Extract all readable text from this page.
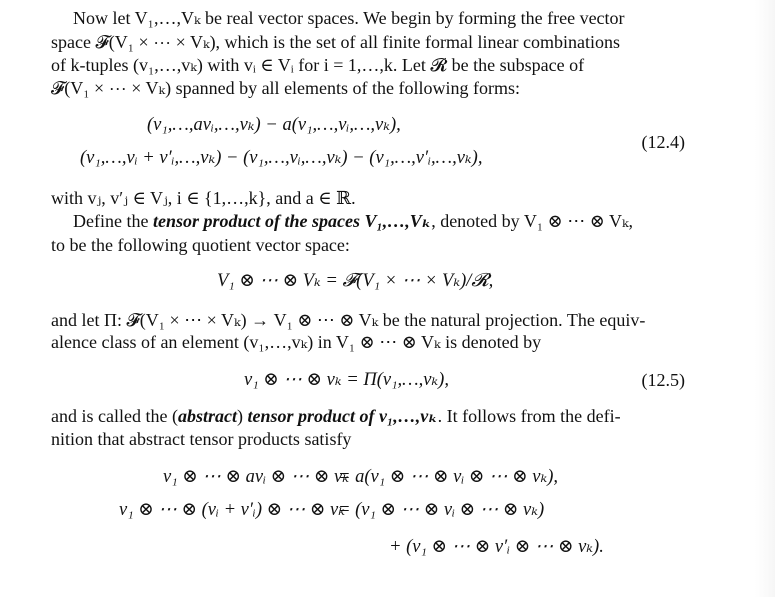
Now let V₁,…,Vₖ be real vector spaces. We begin by forming the free vector
space 𝓕(V₁ × ⋯ × Vₖ), which is the set of all finite formal linear combinations
of k-tuples (v₁,…,vₖ) with vᵢ ∈ Vᵢ for i = 1,…,k. Let 𝓡 be the subspace of
𝓕(V₁ × ⋯ × Vₖ) spanned by all elements of the following forms:
(v₁,…,avᵢ,…,vₖ) − a(v₁,…,vᵢ,…,vₖ),
(v₁,…,vᵢ + v′ᵢ,…,vₖ) − (v₁,…,vᵢ,…,vₖ) − (v₁,…,v′ᵢ,…,vₖ),
(12.4)
with vⱼ, v′ⱼ ∈ Vⱼ, i ∈ {1,…,k}, and a ∈ ℝ.
Define the tensor product of the spaces V₁,…,Vₖ, denoted by V₁ ⊗ ⋯ ⊗ Vₖ,
to be the following quotient vector space:
V₁ ⊗ ⋯ ⊗ Vₖ = 𝓕(V₁ × ⋯ × Vₖ)/𝓡,
and let Π: 𝓕(V₁ × ⋯ × Vₖ) → V₁ ⊗ ⋯ ⊗ Vₖ be the natural projection. The equiv-
alence class of an element (v₁,…,vₖ) in V₁ ⊗ ⋯ ⊗ Vₖ is denoted by
v₁ ⊗ ⋯ ⊗ vₖ = Π(v₁,…,vₖ),	(12.5)
and is called the (abstract) tensor product of v₁,…,vₖ. It follows from the defi-
nition that abstract tensor products satisfy
v₁ ⊗ ⋯ ⊗ avᵢ ⊗ ⋯ ⊗ vₖ
= a(v₁ ⊗ ⋯ ⊗ vᵢ ⊗ ⋯ ⊗ vₖ),
v₁ ⊗ ⋯ ⊗ (vᵢ + v′ᵢ) ⊗ ⋯ ⊗ vₖ
= (v₁ ⊗ ⋯ ⊗ vᵢ ⊗ ⋯ ⊗ vₖ)
+ (v₁ ⊗ ⋯ ⊗ v′ᵢ ⊗ ⋯ ⊗ vₖ).
